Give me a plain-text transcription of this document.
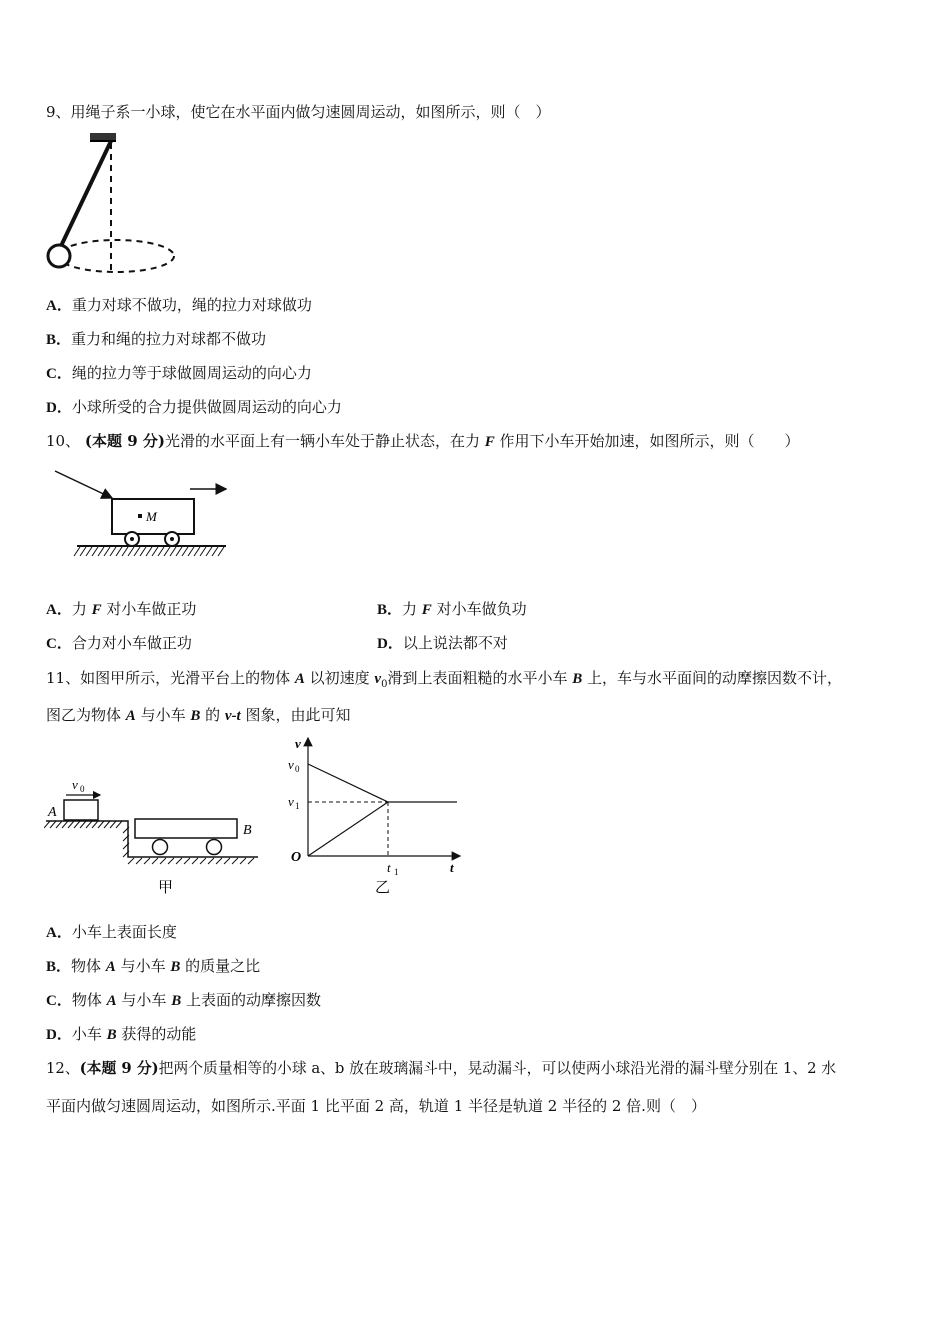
9、用绳子系一小球，使它在水平面内做匀速圆周运动，如图所示，则（　）
A．重力对球不做功，绳的拉力对球做功
B．重力和绳的拉力对球都不做功
C．绳的拉力等于球做圆周运动的向心力
D．小球所受的合力提供做圆周运动的向心力
10、 (本题 9 分)光滑的水平面上有一辆小车处于静止状态，在力 F 作用下小车开始加速，如图所示，则（　　）
M
A．力 F 对小车做正功	B．力 F 对小车做负功
C．合力对小车做正功	D．以上说法都不对
11、如图甲所示，光滑平台上的物体 A 以初速度 $v_0$滑到上表面粗糙的水平小车 B 上，车与水平面间的动摩擦因数不计，
图乙为物体 A 与小车 B 的 v-t 图象，由此可知
v 0
A
B
甲
v
t
v 0
v 1
O
t 1
乙
A．小车上表面长度
B．物体 A 与小车 B 的质量之比
C．物体 A 与小车 B 上表面的动摩擦因数
D．小车 B 获得的动能
12、(本题 9 分)把两个质量相等的小球 a、b 放在玻璃漏斗中，晃动漏斗，可以使两小球沿光滑的漏斗壁分别在 1、2 水
平面内做匀速圆周运动，如图所示.平面 1 比平面 2 高，轨道 1 半径是轨道 2 半径的 2 倍.则（　）
